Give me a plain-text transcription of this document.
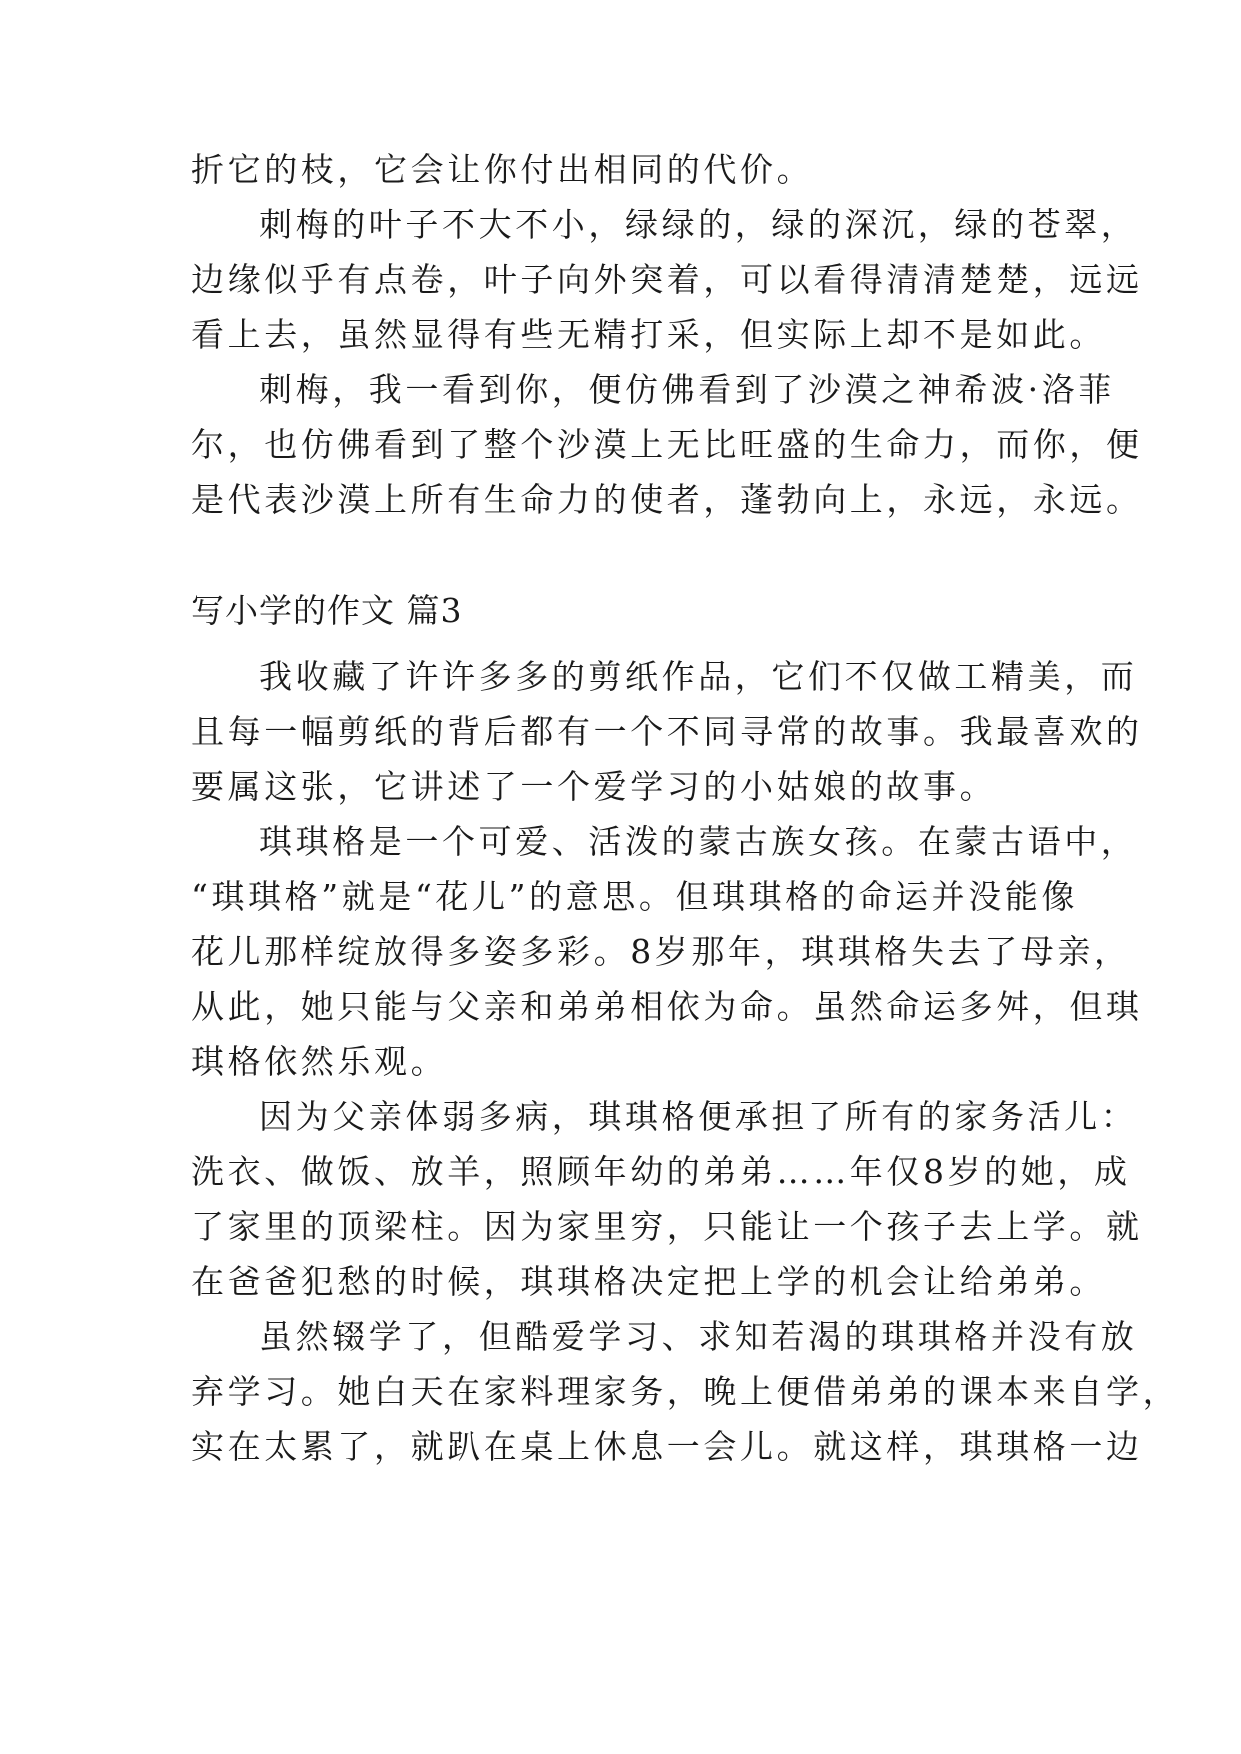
折它的枝，它会让你付出相同的代价。

刺梅的叶子不大不小，绿绿的，绿的深沉，绿的苍翠，

边缘似乎有点卷，叶子向外突着，可以看得清清楚楚，远远

看上去，虽然显得有些无精打采，但实际上却不是如此。

刺梅，我一看到你，便仿佛看到了沙漠之神希波·洛菲

尔，也仿佛看到了整个沙漠上无比旺盛的生命力，而你，便

是代表沙漠上所有生命力的使者，蓬勃向上，永远，永远。

写小学的作文 篇3

我收藏了许许多多的剪纸作品，它们不仅做工精美，而

且每一幅剪纸的背后都有一个不同寻常的故事。我最喜欢的

要属这张，它讲述了一个爱学习的小姑娘的故事。

琪琪格是一个可爱、活泼的蒙古族女孩。在蒙古语中，

“琪琪格”就是“花儿”的意思。但琪琪格的命运并没能像

花儿那样绽放得多姿多彩。8岁那年，琪琪格失去了母亲，

从此，她只能与父亲和弟弟相依为命。虽然命运多舛，但琪

琪格依然乐观。

因为父亲体弱多病，琪琪格便承担了所有的家务活儿：

洗衣、做饭、放羊，照顾年幼的弟弟……年仅8岁的她，成

了家里的顶梁柱。因为家里穷，只能让一个孩子去上学。就

在爸爸犯愁的时候，琪琪格决定把上学的机会让给弟弟。

虽然辍学了，但酷爱学习、求知若渴的琪琪格并没有放

弃学习。她白天在家料理家务，晚上便借弟弟的课本来自学，

实在太累了，就趴在桌上休息一会儿。就这样，琪琪格一边
